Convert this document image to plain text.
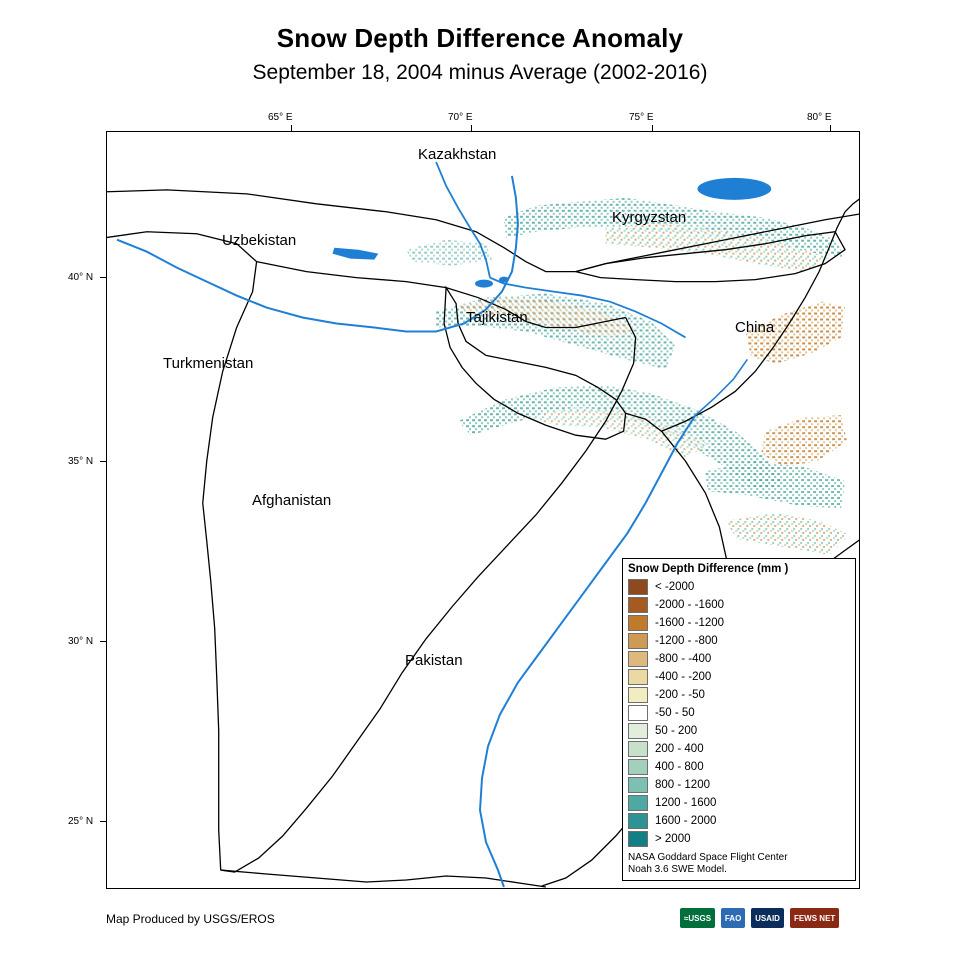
Snow Depth Difference Anomaly
September 18, 2004 minus Average (2002-2016)
65° E	70° E	75° E	80° E
40° N
35° N
30° N
25° N
Kazakhstan
Uzbekistan
Kyrgyzstan
Turkmenistan
Tajikistan
China
Afghanistan
Pakistan
Snow Depth Difference (mm )
< -2000
-2000 - -1600
-1600 - -1200
-1200 - -800
-800 - -400
-400 - -200
-200 - -50
-50 - 50
50 - 200
200 - 400
400 - 800
800 - 1200
1200 - 1600
1600 - 2000
> 2000
NASA Goddard Space Flight Center
Noah 3.6 SWE Model.
Map Produced by USGS/EROS	≈USGS	FAO	USAID	FEWS NET
